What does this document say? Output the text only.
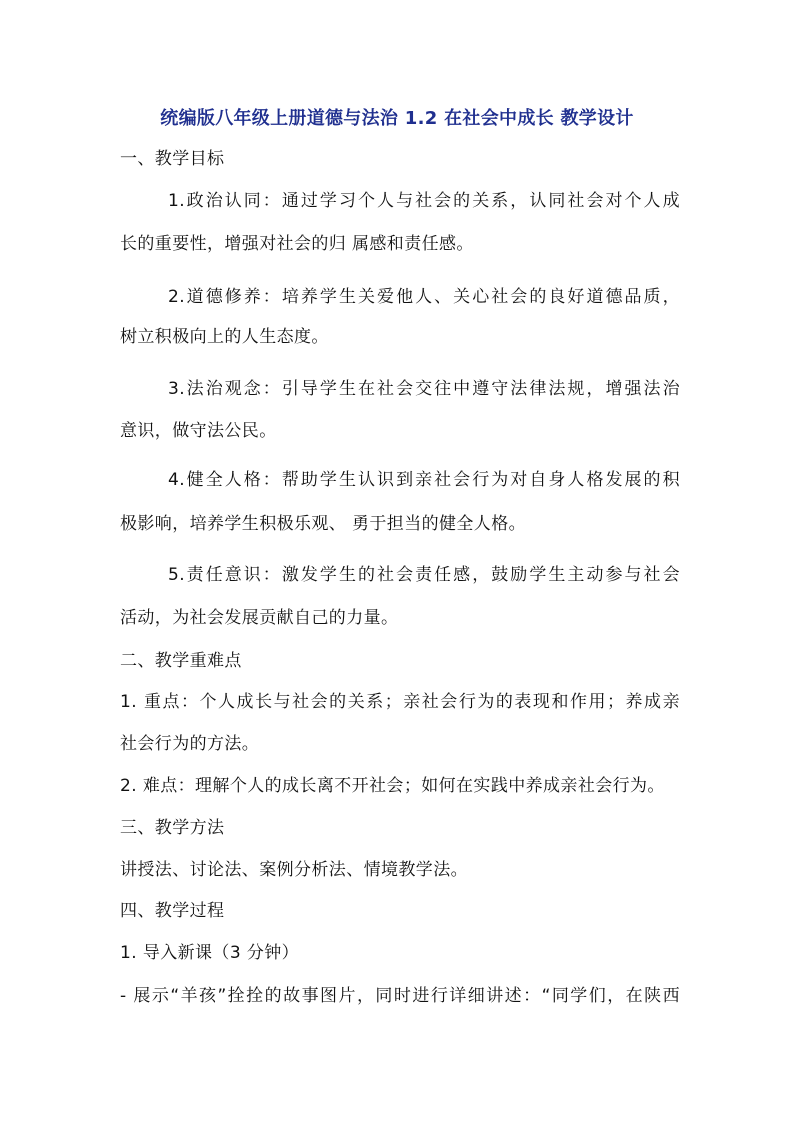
统编版八年级上册道德与法治 1.2 在社会中成长 教学设计
一、教学目标
1.政治认同：通过学习个人与社会的关系，认同社会对个人成
长的重要性，增强对社会的归 属感和责任感。
2.道德修养：培养学生关爱他人、关心社会的良好道德品质，
树立积极向上的人生态度。
3.法治观念：引导学生在社会交往中遵守法律法规，增强法治
意识，做守法公民。
4.健全人格：帮助学生认识到亲社会行为对自身人格发展的积
极影响，培养学生积极乐观、 勇于担当的健全人格。
5.责任意识：激发学生的社会责任感，鼓励学生主动参与社会
活动，为社会发展贡献自己的力量。
二、教学重难点
1. 重点：个人成长与社会的关系；亲社会行为的表现和作用；养成亲
社会行为的方法。
2. 难点：理解个人的成长离不开社会；如何在实践中养成亲社会行为。
三、教学方法
讲授法、讨论法、案例分析法、情境教学法。
四、教学过程
1. 导入新课（3 分钟）
- 展示“羊孩”拴拴的故事图片，同时进行详细讲述：“同学们，在陕西
